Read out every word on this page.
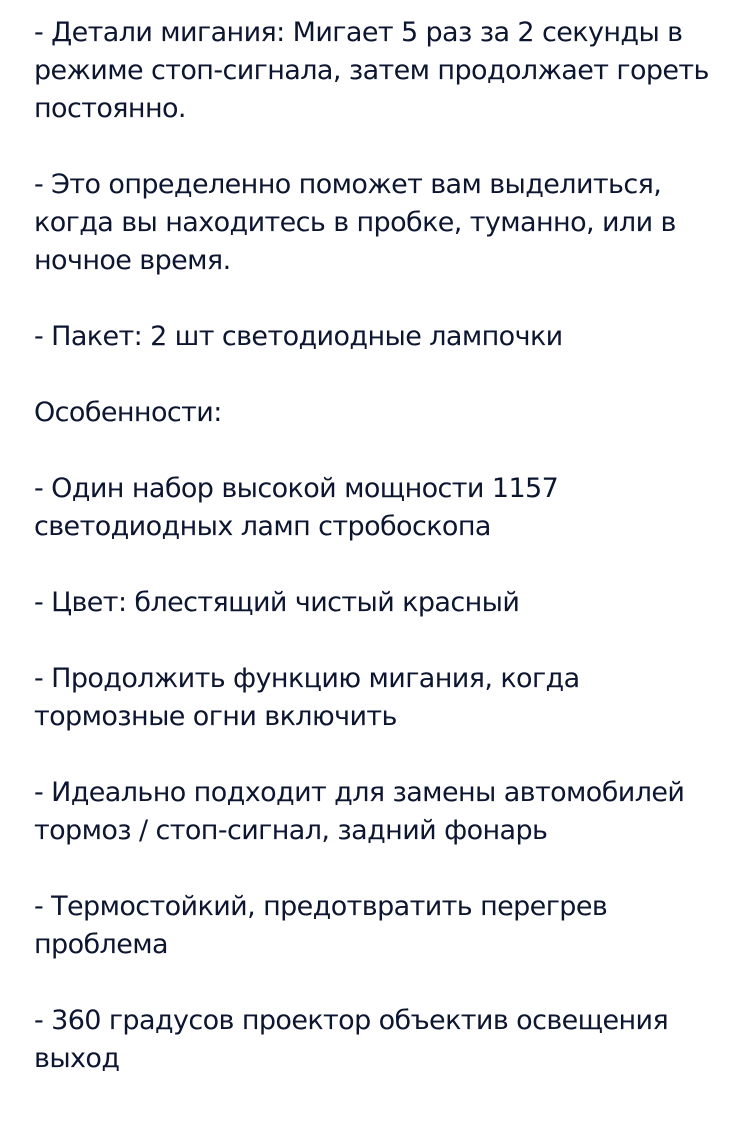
- Детали мигания: Мигает 5 раз за 2 секунды в режиме стоп-сигнала, затем продолжает гореть постоянно.

- Это определенно поможет вам выделиться, когда вы находитесь в пробке, туманно, или в ночное время.

- Пакет: 2 шт светодиодные лампочки

Особенности:

- Один набор высокой мощности 1157 светодиодных ламп стробоскопа

- Цвет: блестящий чистый красный

- Продолжить функцию мигания, когда тормозные огни включить

- Идеально подходит для замены автомобилей тормоз / стоп-сигнал, задний фонарь

- Термостойкий, предотвратить перегрев проблема

- 360 градусов проектор объектив освещения выход
